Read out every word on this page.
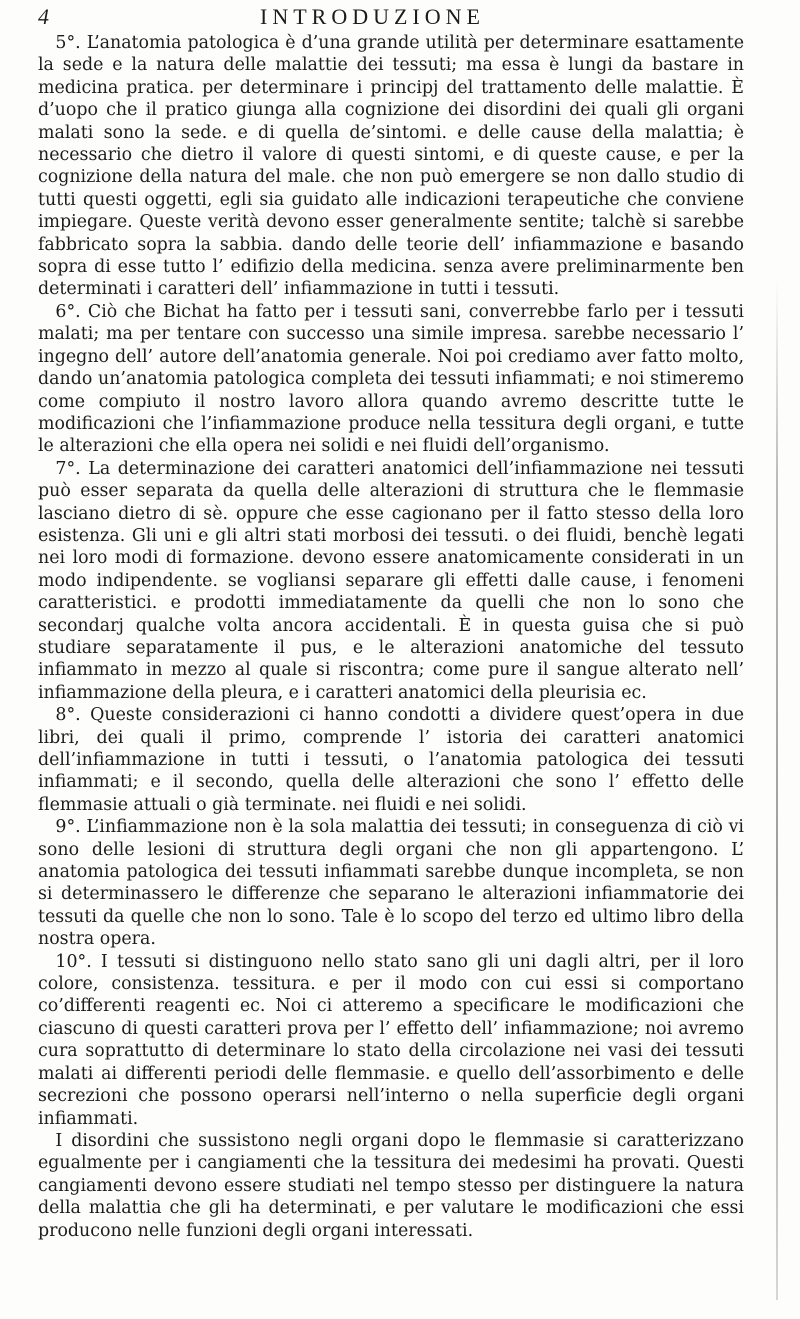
4	INTRODUZIONE

 5°. L’anatomia patologica è d’una grande utilità per determinare esattamente la sede e la natura delle malattie dei tessuti; ma essa è lungi da bastare in medicina pratica. per determinare i principj del trattamento delle malattie. È d’uopo che il pratico giunga alla cognizione dei disordini dei quali gli organi malati sono la sede. e di quella de’sintomi. e delle cause della malattia; è necessario che dietro il valore di questi sintomi, e di queste cause, e per la cognizione della natura del male. che non può emergere se non dallo studio di tutti questi oggetti, egli sia guidato alle indicazioni terapeutiche che conviene impiegare. Queste verità devono esser generalmente sentite; talchè si sarebbe fabbricato sopra la sabbia. dando delle teorie dell’ infiammazione e basando sopra di esse tutto l’ edifizio della medicina. senza avere preliminarmente ben determinati i caratteri dell’ infiammazione in tutti i tessuti.

 6°. Ciò che Bichat ha fatto per i tessuti sani, converrebbe farlo per i tessuti malati; ma per tentare con successo una simile impresa. sarebbe necessario l’ ingegno dell’ autore dell’anatomia generale. Noi poi crediamo aver fatto molto, dando un’anatomia patologica completa dei tessuti infiammati; e noi stimeremo come compiuto il nostro lavoro allora quando avremo descritte tutte le modificazioni che l’infiammazione produce nella tessitura degli organi, e tutte le alterazioni che ella opera nei solidi e nei fluidi dell’organismo.

 7°. La determinazione dei caratteri anatomici dell’infiammazione nei tessuti può esser separata da quella delle alterazioni di struttura che le flemmasie lasciano dietro di sè. oppure che esse cagionano per il fatto stesso della loro esistenza. Gli uni e gli altri stati morbosi dei tessuti. o dei fluidi, benchè legati nei loro modi di formazione. devono essere anatomicamente considerati in un modo indipendente. se vogliansi separare gli effetti dalle cause, i fenomeni caratteristici. e prodotti immediatamente da quelli che non lo sono che secondarj qualche volta ancora accidentali. È in questa guisa che si può studiare separatamente il pus, e le alterazioni anatomiche del tessuto infiammato in mezzo al quale si riscontra; come pure il sangue alterato nell’ infiammazione della pleura, e i caratteri anatomici della pleurisia ec.

 8°. Queste considerazioni ci hanno condotti a dividere quest’opera in due libri, dei quali il primo, comprende l’ istoria dei caratteri anatomici dell’infiammazione in tutti i tessuti, o l’anatomia patologica dei tessuti infiammati; e il secondo, quella delle alterazioni che sono l’ effetto delle flemmasie attuali o già terminate. nei fluidi e nei solidi.

 9°. L’infiammazione non è la sola malattia dei tessuti; in conseguenza di ciò vi sono delle lesioni di struttura degli organi che non gli appartengono. L’ anatomia patologica dei tessuti infiammati sarebbe dunque incompleta, se non si determinassero le differenze che separano le alterazioni infiammatorie dei tessuti da quelle che non lo sono. Tale è lo scopo del terzo ed ultimo libro della nostra opera.

 10°. I tessuti si distinguono nello stato sano gli uni dagli altri, per il loro colore, consistenza. tessitura. e per il modo con cui essi si comportano co’differenti reagenti ec. Noi ci atteremo a specificare le modificazioni che ciascuno di questi caratteri prova per l’ effetto dell’ infiammazione; noi avremo cura soprattutto di determinare lo stato della circolazione nei vasi dei tessuti malati ai differenti periodi delle flemmasie. e quello dell’assorbimento e delle secrezioni che possono operarsi nell’interno o nella superficie degli organi infiammati.

 I disordini che sussistono negli organi dopo le flemmasie si caratterizzano egualmente per i cangiamenti che la tessitura dei medesimi ha provati. Questi cangiamenti devono essere studiati nel tempo stesso per distinguere la natura della malattia che gli ha determinati, e per valutare le modificazioni che essi producono nelle funzioni degli organi interessati.
